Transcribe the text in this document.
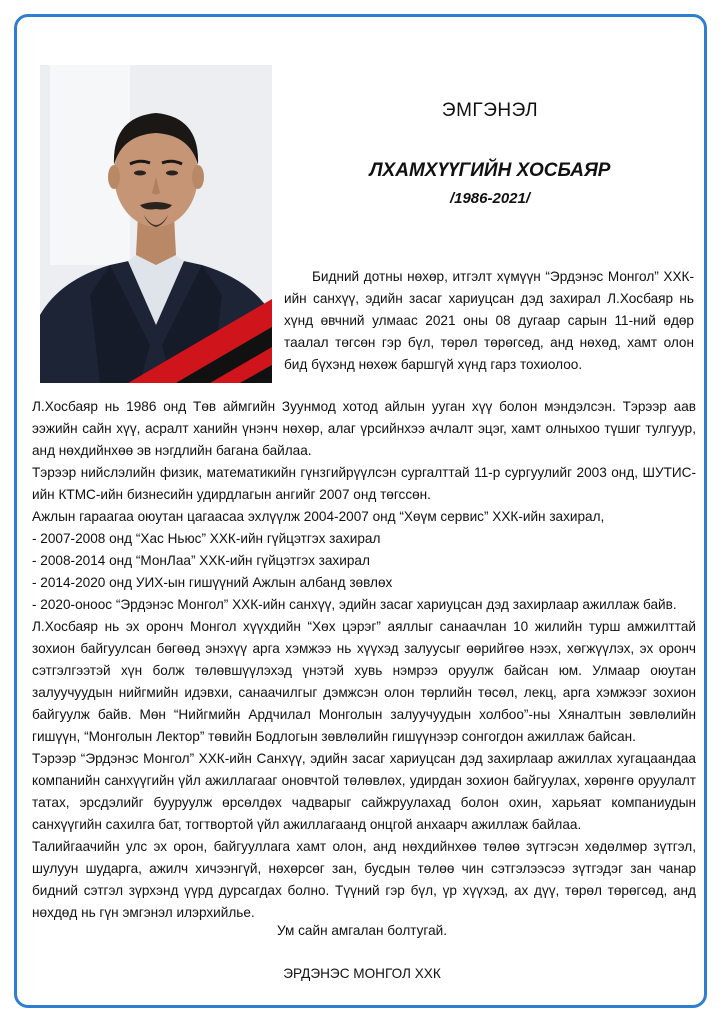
ЭМГЭНЭЛ
ЛХАМХҮҮГИЙН ХОСБАЯР
/1986-2021/

Бидний дотны нөхөр, итгэлт хүмүүн “Эрдэнэс Монгол” ХХК-ийн санхүү, эдийн засаг хариуцсан дэд захирал Л.Хосбаяр нь хүнд өвчний улмаас 2021 оны 08 дугаар сарын 11-ний өдөр таалал төгсөн гэр бүл, төрөл төрөгсөд, анд нөхөд, хамт олон бид бүхэнд нөхөж баршгүй хүнд гарз тохиолоо.

Л.Хосбаяр нь 1986 онд Төв аймгийн Зуунмод хотод айлын ууган хүү болон мэндэлсэн. Тэрээр аав ээжийн сайн хүү, асралт ханийн үнэнч нөхөр, алаг үрсийнхээ ачлалт эцэг, хамт олныхоо түшиг тулгуур, анд нөхдийнхөө эв нэгдлийн багана байлаа.

Тэрээр нийслэлийн физик, математикийн гүнзгийрүүлсэн сургалттай 11-р сургуулийг 2003 онд, ШУТИС-ийн КТМС-ийн бизнесийн удирдлагын ангийг 2007 онд төгссөн.

Ажлын гараагаа оюутан цагаасаа эхлүүлж 2004-2007 онд “Хөүм сервис” ХХК-ийн захирал,

- 2007-2008 онд “Хас Ньюс” ХХК-ийн гүйцэтгэх захирал

- 2008-2014 онд “МонЛаа” ХХК-ийн гүйцэтгэх захирал

- 2014-2020 онд УИХ-ын гишүүний Ажлын албанд зөвлөх

- 2020-оноос “Эрдэнэс Монгол” ХХК-ийн санхүү, эдийн засаг хариуцсан дэд захирлаар ажиллаж байв.

Л.Хосбаяр нь эх оронч Монгол хүүхдийн “Хөх цэрэг” аяллыг санаачлан 10 жилийн турш амжилттай зохион байгуулсан бөгөөд энэхүү арга хэмжээ нь хүүхэд залуусыг өөрийгөө нээх, хөгжүүлэх, эх оронч сэтгэлгээтэй хүн болж төлөвшүүлэхэд үнэтэй хувь нэмрээ оруулж байсан юм. Улмаар оюутан залуучуудын нийгмийн идэвхи, санаачилгыг дэмжсэн олон төрлийн төсөл, лекц, арга хэмжээг зохион байгуулж байв. Мөн “Нийгмийн Ардчилал Монголын залуучуудын холбоо”-ны Хяналтын зөвлөлийн гишүүн, “Монголын Лектор” төвийн Бодлогын зөвлөлийн гишүүнээр сонгогдон ажиллаж байсан.

Тэрээр “Эрдэнэс Монгол” ХХК-ийн Санхүү, эдийн засаг хариуцсан дэд захирлаар ажиллах хугацаандаа компанийн санхүүгийн үйл ажиллагааг оновчтой төлөвлөх, удирдан зохион байгуулах, хөрөнгө оруулалт татах, эрсдэлийг бууруулж өрсөлдөх чадварыг сайжруулахад болон охин, харьяат компаниудын санхүүгийн сахилга бат, тогтвортой үйл ажиллагаанд онцгой анхаарч ажиллаж байлаа.

Талийгаачийн улс эх орон, байгууллага хамт олон, анд нөхдийнхөө төлөө зүтгэсэн хөдөлмөр зүтгэл, шулуун шударга, ажилч хичээнгүй, нөхөрсөг зан, бусдын төлөө чин сэтгэлээсээ зүтгэдэг зан чанар бидний сэтгэл зүрхэнд үүрд дурсагдах болно. Түүний гэр бүл, үр хүүхэд, ах дүү, төрөл төрөгсөд, анд нөхдөд нь гүн эмгэнэл илэрхийлье.

Ум сайн амгалан болтугай.
ЭРДЭНЭС МОНГОЛ ХХК
